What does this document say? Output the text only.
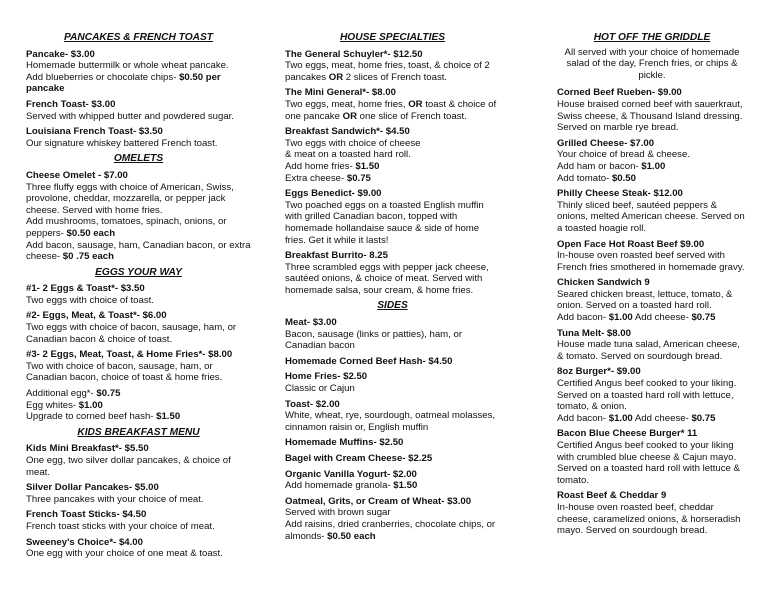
PANCAKES & FRENCH TOAST
Pancake- $3.00
Homemade buttermilk or whole wheat pancake.
Add blueberries or chocolate chips- $0.50 per pancake
French Toast- $3.00
Served with whipped butter and powdered sugar.
Louisiana French Toast- $3.50
Our signature whiskey battered French toast.
OMELETS
Cheese Omelet - $7.00
Three fluffy eggs with choice of American, Swiss, provolone, cheddar, mozzarella, or pepper jack cheese. Served with home fries.
Add mushrooms, tomatoes, spinach, onions, or peppers- $0.50 each
Add bacon, sausage, ham, Canadian bacon, or extra cheese- $0 .75 each
EGGS YOUR WAY
#1- 2 Eggs & Toast*- $3.50
Two eggs with choice of toast.
#2- Eggs, Meat, & Toast*- $6.00
Two eggs with choice of bacon, sausage, ham, or Canadian bacon & choice of toast.
#3- 2 Eggs, Meat, Toast, & Home Fries*- $8.00
Two with choice of bacon, sausage, ham, or Canadian bacon, choice of toast & home fries.
Additional egg*- $0.75
Egg whites- $1.00
Upgrade to corned beef hash- $1.50
KIDS BREAKFAST MENU
Kids Mini Breakfast*- $5.50
One egg, two silver dollar pancakes, & choice of meat.
Silver Dollar Pancakes- $5.00
Three pancakes with your choice of meat.
French Toast Sticks- $4.50
French toast sticks with your choice of meat.
Sweeney's Choice*- $4.00
One egg with your choice of one meat & toast.
HOUSE SPECIALTIES
The General Schuyler*- $12.50
Two eggs, meat, home fries, toast, & choice of 2 pancakes OR 2 slices of French toast.
The Mini General*- $8.00
Two eggs, meat, home fries, OR toast & choice of one pancake OR one slice of French toast.
Breakfast Sandwich*- $4.50
Two eggs with choice of cheese
& meat on a toasted hard roll.
Add home fries- $1.50
Extra cheese- $0.75
Eggs Benedict- $9.00
Two poached eggs on a toasted English muffin with grilled Canadian bacon, topped with homemade hollandaise sauce & side of home fries. Get it while it lasts!
Breakfast Burrito- 8.25
Three scrambled eggs with pepper jack cheese, sautéed onions, & choice of meat. Served with homemade salsa, sour cream, & home fries.
SIDES
Meat- $3.00
Bacon, sausage (links or patties), ham, or Canadian bacon
Homemade Corned Beef Hash- $4.50
Home Fries- $2.50
Classic or Cajun
Toast- $2.00
White, wheat, rye, sourdough, oatmeal molasses, cinnamon raisin or, English muffin
Homemade Muffins- $2.50
Bagel with Cream Cheese- $2.25
Organic Vanilla Yogurt- $2.00
Add homemade granola- $1.50
Oatmeal, Grits, or Cream of Wheat- $3.00
Served with brown sugar
Add raisins, dried cranberries, chocolate chips, or almonds- $0.50 each
HOT OFF THE GRIDDLE
All served with your choice of homemade salad of the day, French fries, or chips & pickle.
Corned Beef Rueben- $9.00
House braised corned beef with sauerkraut, Swiss cheese, & Thousand Island dressing. Served on marble rye bread.
Grilled Cheese- $7.00
Your choice of bread & cheese.
Add ham or bacon- $1.00
Add tomato- $0.50
Philly Cheese Steak- $12.00
Thinly sliced beef, sautéed peppers & onions, melted American cheese. Served on a toasted hoagie roll.
Open Face Hot Roast Beef $9.00
In-house oven roasted beef served with French fries smothered in homemade gravy.
Chicken Sandwich 9
Seared chicken breast, lettuce, tomato, & onion. Served on a toasted hard roll.
Add bacon- $1.00 Add cheese- $0.75
Tuna Melt- $8.00
House made tuna salad, American cheese, & tomato. Served on sourdough bread.
8oz Burger*- $9.00
Certified Angus beef cooked to your liking.
Served on a toasted hard roll with lettuce, tomato, & onion.
Add bacon- $1.00 Add cheese- $0.75
Bacon Blue Cheese Burger* 11
Certified Angus beef cooked to your liking with crumbled blue cheese & Cajun mayo. Served on a toasted hard roll with lettuce & tomato.
Roast Beef & Cheddar 9
In-house oven roasted beef, cheddar cheese, caramelized onions, & horseradish mayo. Served on sourdough bread.
